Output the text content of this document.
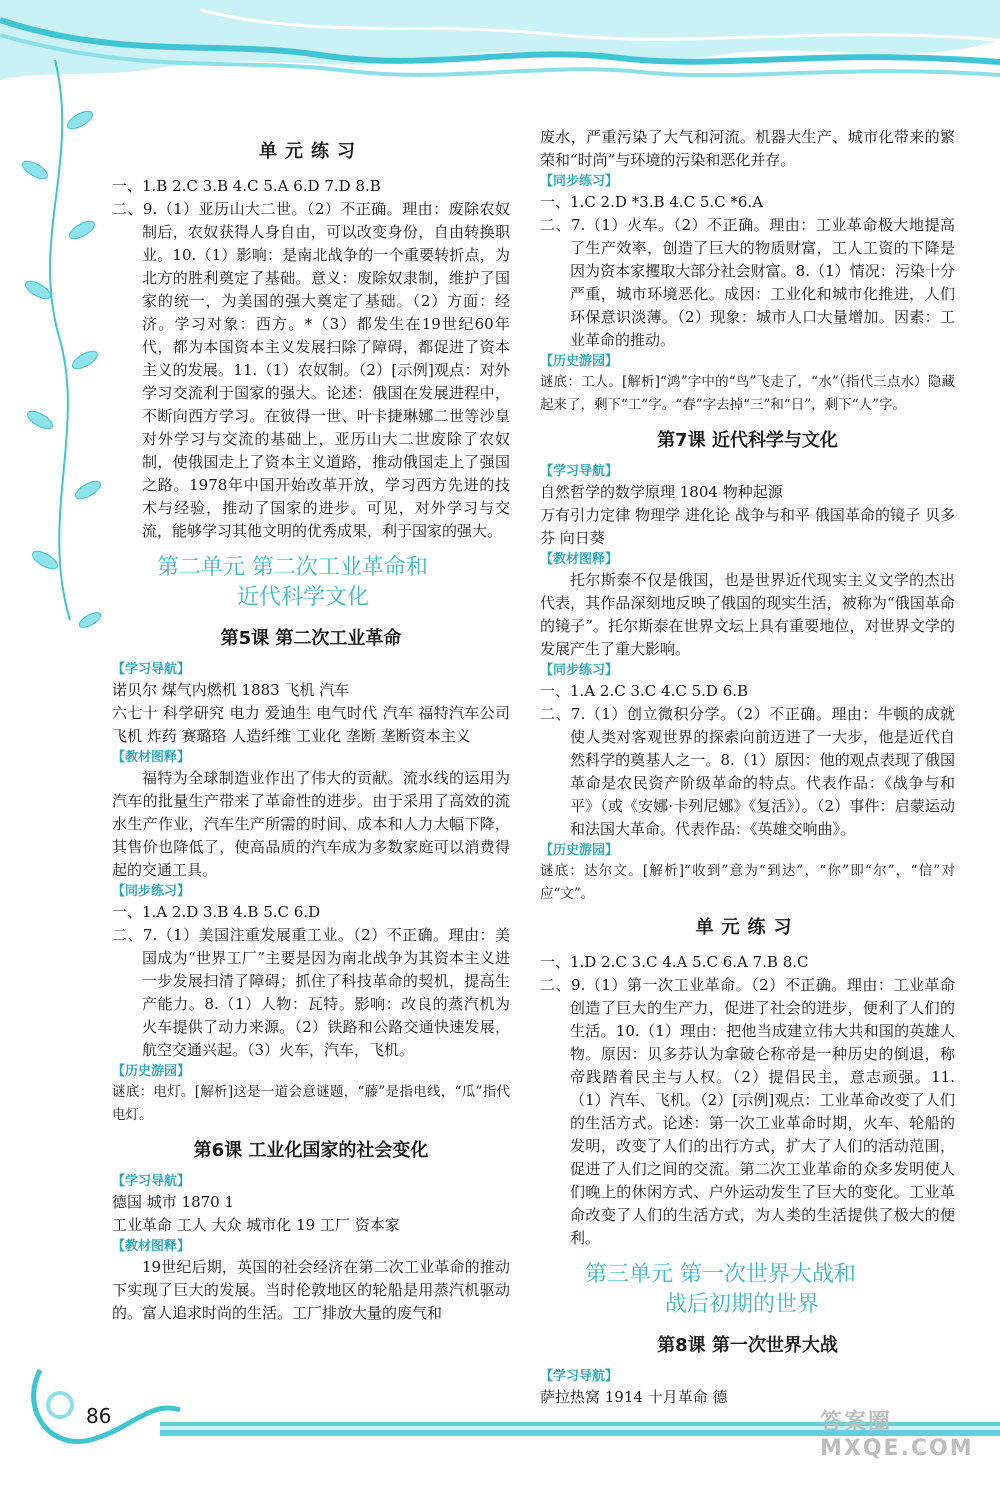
86	答案圈 MXQE.COM
单元练习
一、1.B 2.C 3.B 4.C 5.A 6.D 7.D 8.B
二、9.（1）亚历山大二世。（2）不正确。理由：废除农奴制后，农奴获得人身自由，可以改变身份，自由转换职业。10.（1）影响：是南北战争的一个重要转折点，为北方的胜利奠定了基础。意义：废除奴隶制，维护了国家的统一，为美国的强大奠定了基础。（2）方面：经济。学习对象：西方。*（3）都发生在19世纪60年代，都为本国资本主义发展扫除了障碍，都促进了资本主义的发展。11.（1）农奴制。（2）[示例]观点：对外学习交流利于国家的强大。论述：俄国在发展进程中，不断向西方学习。在彼得一世、叶卡捷琳娜二世等沙皇对外学习与交流的基础上，亚历山大二世废除了农奴制，使俄国走上了资本主义道路，推动俄国走上了强国之路。1978年中国开始改革开放，学习西方先进的技术与经验，推动了国家的进步。可见，对外学习与交流，能够学习其他文明的优秀成果，利于国家的强大。
第二单元 第二次工业革命和
近代科学文化
第5课 第二次工业革命
【学习导航】
诺贝尔 煤气内燃机 1883 飞机 汽车
六七十 科学研究 电力 爱迪生 电气时代 汽车 福特汽车公司 飞机 炸药 赛璐珞 人造纤维 工业化 垄断 垄断资本主义
【教材图释】
福特为全球制造业作出了伟大的贡献。流水线的运用为汽车的批量生产带来了革命性的进步。由于采用了高效的流水生产作业，汽车生产所需的时间、成本和人力大幅下降，其售价也降低了，使高品质的汽车成为多数家庭可以消费得起的交通工具。
【同步练习】
一、1.A 2.D 3.B 4.B 5.C 6.D
二、7.（1）美国注重发展重工业。（2）不正确。理由：美国成为“世界工厂”主要是因为南北战争为其资本主义进一步发展扫清了障碍；抓住了科技革命的契机，提高生产能力。8.（1）人物：瓦特。影响：改良的蒸汽机为火车提供了动力来源。（2）铁路和公路交通快速发展，航空交通兴起。（3）火车，汽车，飞机。
【历史游园】
谜底：电灯。[解析]这是一道会意谜题，“藤”是指电线，“瓜”指代电灯。
第6课 工业化国家的社会变化
【学习导航】
德国 城市 1870 1
工业革命 工人 大众 城市化 19 工厂 资本家
【教材图释】
19世纪后期，英国的社会经济在第二次工业革命的推动下实现了巨大的发展。当时伦敦地区的轮船是用蒸汽机驱动的。富人追求时尚的生活。工厂排放大量的废气和
废水，严重污染了大气和河流。机器大生产、城市化带来的繁荣和“时尚”与环境的污染和恶化并存。
【同步练习】
一、1.C 2.D *3.B 4.C 5.C *6.A
二、7.（1）火车。（2）不正确。理由：工业革命极大地提高了生产效率，创造了巨大的物质财富，工人工资的下降是因为资本家攫取大部分社会财富。8.（1）情况：污染十分严重，城市环境恶化。成因：工业化和城市化推进，人们环保意识淡薄。（2）现象：城市人口大量增加。因素：工业革命的推动。
【历史游园】
谜底：工人。[解析]“鸿”字中的“鸟”飞走了，“水”（指代三点水）隐藏起来了，剩下“工”字。“春”字去掉“三”和“日”，剩下“人”字。
第7课 近代科学与文化
【学习导航】
自然哲学的数学原理 1804 物种起源
万有引力定律 物理学 进化论 战争与和平 俄国革命的镜子 贝多芬 向日葵
【教材图释】
托尔斯泰不仅是俄国，也是世界近代现实主义文学的杰出代表，其作品深刻地反映了俄国的现实生活，被称为“俄国革命的镜子”。托尔斯泰在世界文坛上具有重要地位，对世界文学的发展产生了重大影响。
【同步练习】
一、1.A 2.C 3.C 4.C 5.D 6.B
二、7.（1）创立微积分学。（2）不正确。理由：牛顿的成就使人类对客观世界的探索向前迈进了一大步，他是近代自然科学的奠基人之一。8.（1）原因：他的观点表现了俄国革命是农民资产阶级革命的特点。代表作品：《战争与和平》（或《安娜·卡列尼娜》《复活》）。（2）事件：启蒙运动和法国大革命。代表作品：《英雄交响曲》。
【历史游园】
谜底：达尔文。[解析]“收到”意为“到达”，“你”即“尔”，“信”对应“文”。
单元练习
一、1.D 2.C 3.C 4.A 5.C 6.A 7.B 8.C
二、9.（1）第一次工业革命。（2）不正确。理由：工业革命创造了巨大的生产力，促进了社会的进步，便利了人们的生活。10.（1）理由：把他当成建立伟大共和国的英雄人物。原因：贝多芬认为拿破仑称帝是一种历史的倒退，称帝践踏着民主与人权。（2）提倡民主，意志顽强。11.（1）汽车、飞机。（2）[示例]观点：工业革命改变了人们的生活方式。论述：第一次工业革命时期，火车、轮船的发明，改变了人们的出行方式，扩大了人们的活动范围，促进了人们之间的交流。第二次工业革命的众多发明使人们晚上的休闲方式、户外运动发生了巨大的变化。工业革命改变了人们的生活方式，为人类的生活提供了极大的便利。
第三单元 第一次世界大战和
战后初期的世界
第8课 第一次世界大战
【学习导航】
萨拉热窝 1914 十月革命 德
